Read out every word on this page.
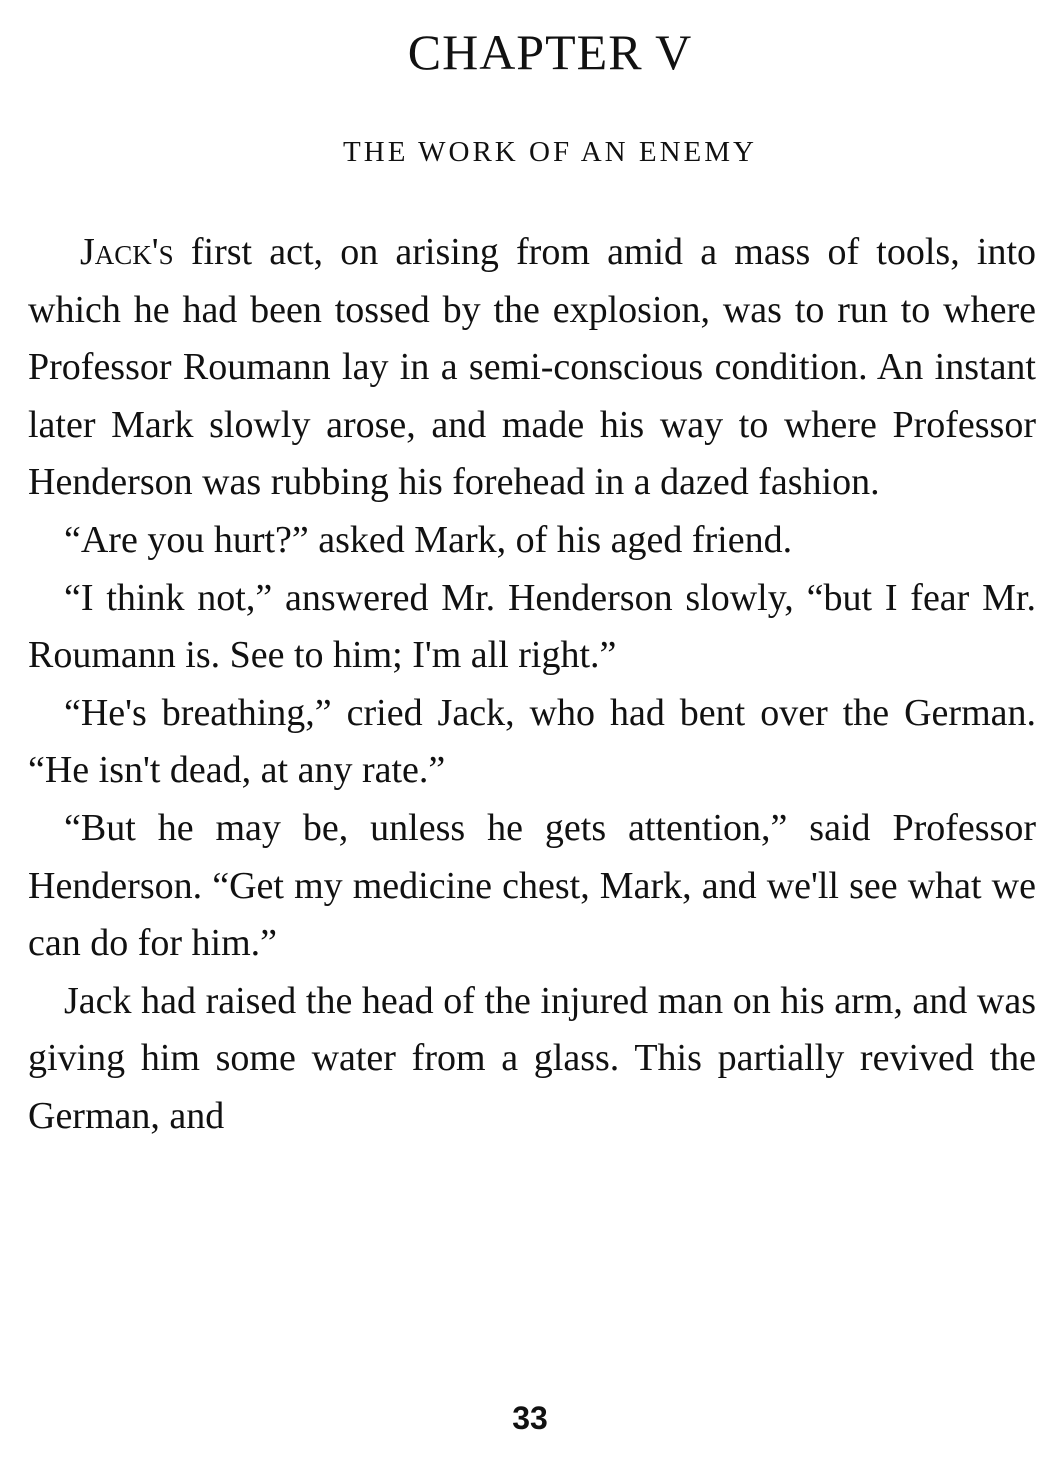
CHAPTER V
THE WORK OF AN ENEMY

Jack's first act, on arising from amid a mass of tools, into which he had been tossed by the explosion, was to run to where Professor Roumann lay in a semi-conscious condition. An instant later Mark slowly arose, and made his way to where Professor Henderson was rubbing his forehead in a dazed fashion.

“Are you hurt?” asked Mark, of his aged friend.

“I think not,” answered Mr. Henderson slowly, “but I fear Mr. Roumann is. See to him; I'm all right.”

“He's breathing,” cried Jack, who had bent over the German. “He isn't dead, at any rate.”

“But he may be, unless he gets attention,” said Professor Henderson. “Get my medicine chest, Mark, and we'll see what we can do for him.”

Jack had raised the head of the injured man on his arm, and was giving him some water from a glass. This partially revived the German, and

33
